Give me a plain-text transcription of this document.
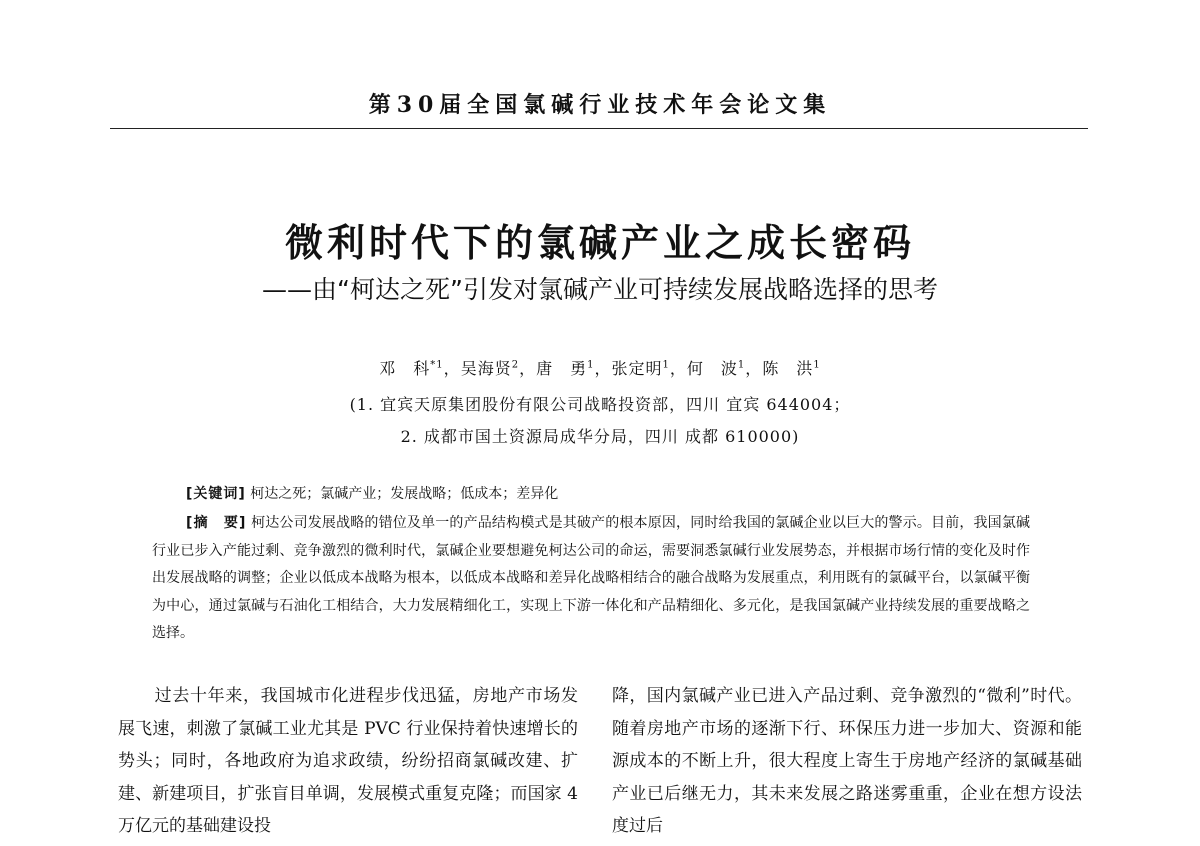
第30届全国氯碱行业技术年会论文集
微利时代下的氯碱产业之成长密码
——由“柯达之死”引发对氯碱产业可持续发展战略选择的思考
邓　科$^{*1}$，吴海贤$^2$，唐　勇$^1$，张定明$^1$，何　波$^1$，陈　洪$^1$
(1. 宜宾天原集团股份有限公司战略投资部，四川 宜宾 644004；
2. 成都市国土资源局成华分局，四川 成都 610000)
[关键词] 柯达之死；氯碱产业；发展战略；低成本；差异化
[摘　要] 柯达公司发展战略的错位及单一的产品结构模式是其破产的根本原因，同时给我国的氯碱企业以巨大的警示。目前，我国氯碱行业已步入产能过剩、竞争激烈的微利时代，氯碱企业要想避免柯达公司的命运，需要洞悉氯碱行业发展势态，并根据市场行情的变化及时作出发展战略的调整；企业以低成本战略为根本，以低成本战略和差异化战略相结合的融合战略为发展重点，利用既有的氯碱平台，以氯碱平衡为中心，通过氯碱与石油化工相结合，大力发展精细化工，实现上下游一体化和产品精细化、多元化，是我国氯碱产业持续发展的重要战略之选择。
过去十年来，我国城市化进程步伐迅猛，房地产市场发展飞速，刺激了氯碱工业尤其是 PVC 行业保持着快速增长的势头；同时，各地政府为追求政绩，纷纷招商氯碱改建、扩建、新建项目，扩张盲目单调，发展模式重复克隆；而国家 4 万亿元的基础建设投
降，国内氯碱产业已进入产品过剩、竞争激烈的“微利”时代。随着房地产市场的逐渐下行、环保压力进一步加大、资源和能源成本的不断上升，很大程度上寄生于房地产经济的氯碱基础产业已后继无力，其未来发展之路迷雾重重，企业在想方设法度过后
